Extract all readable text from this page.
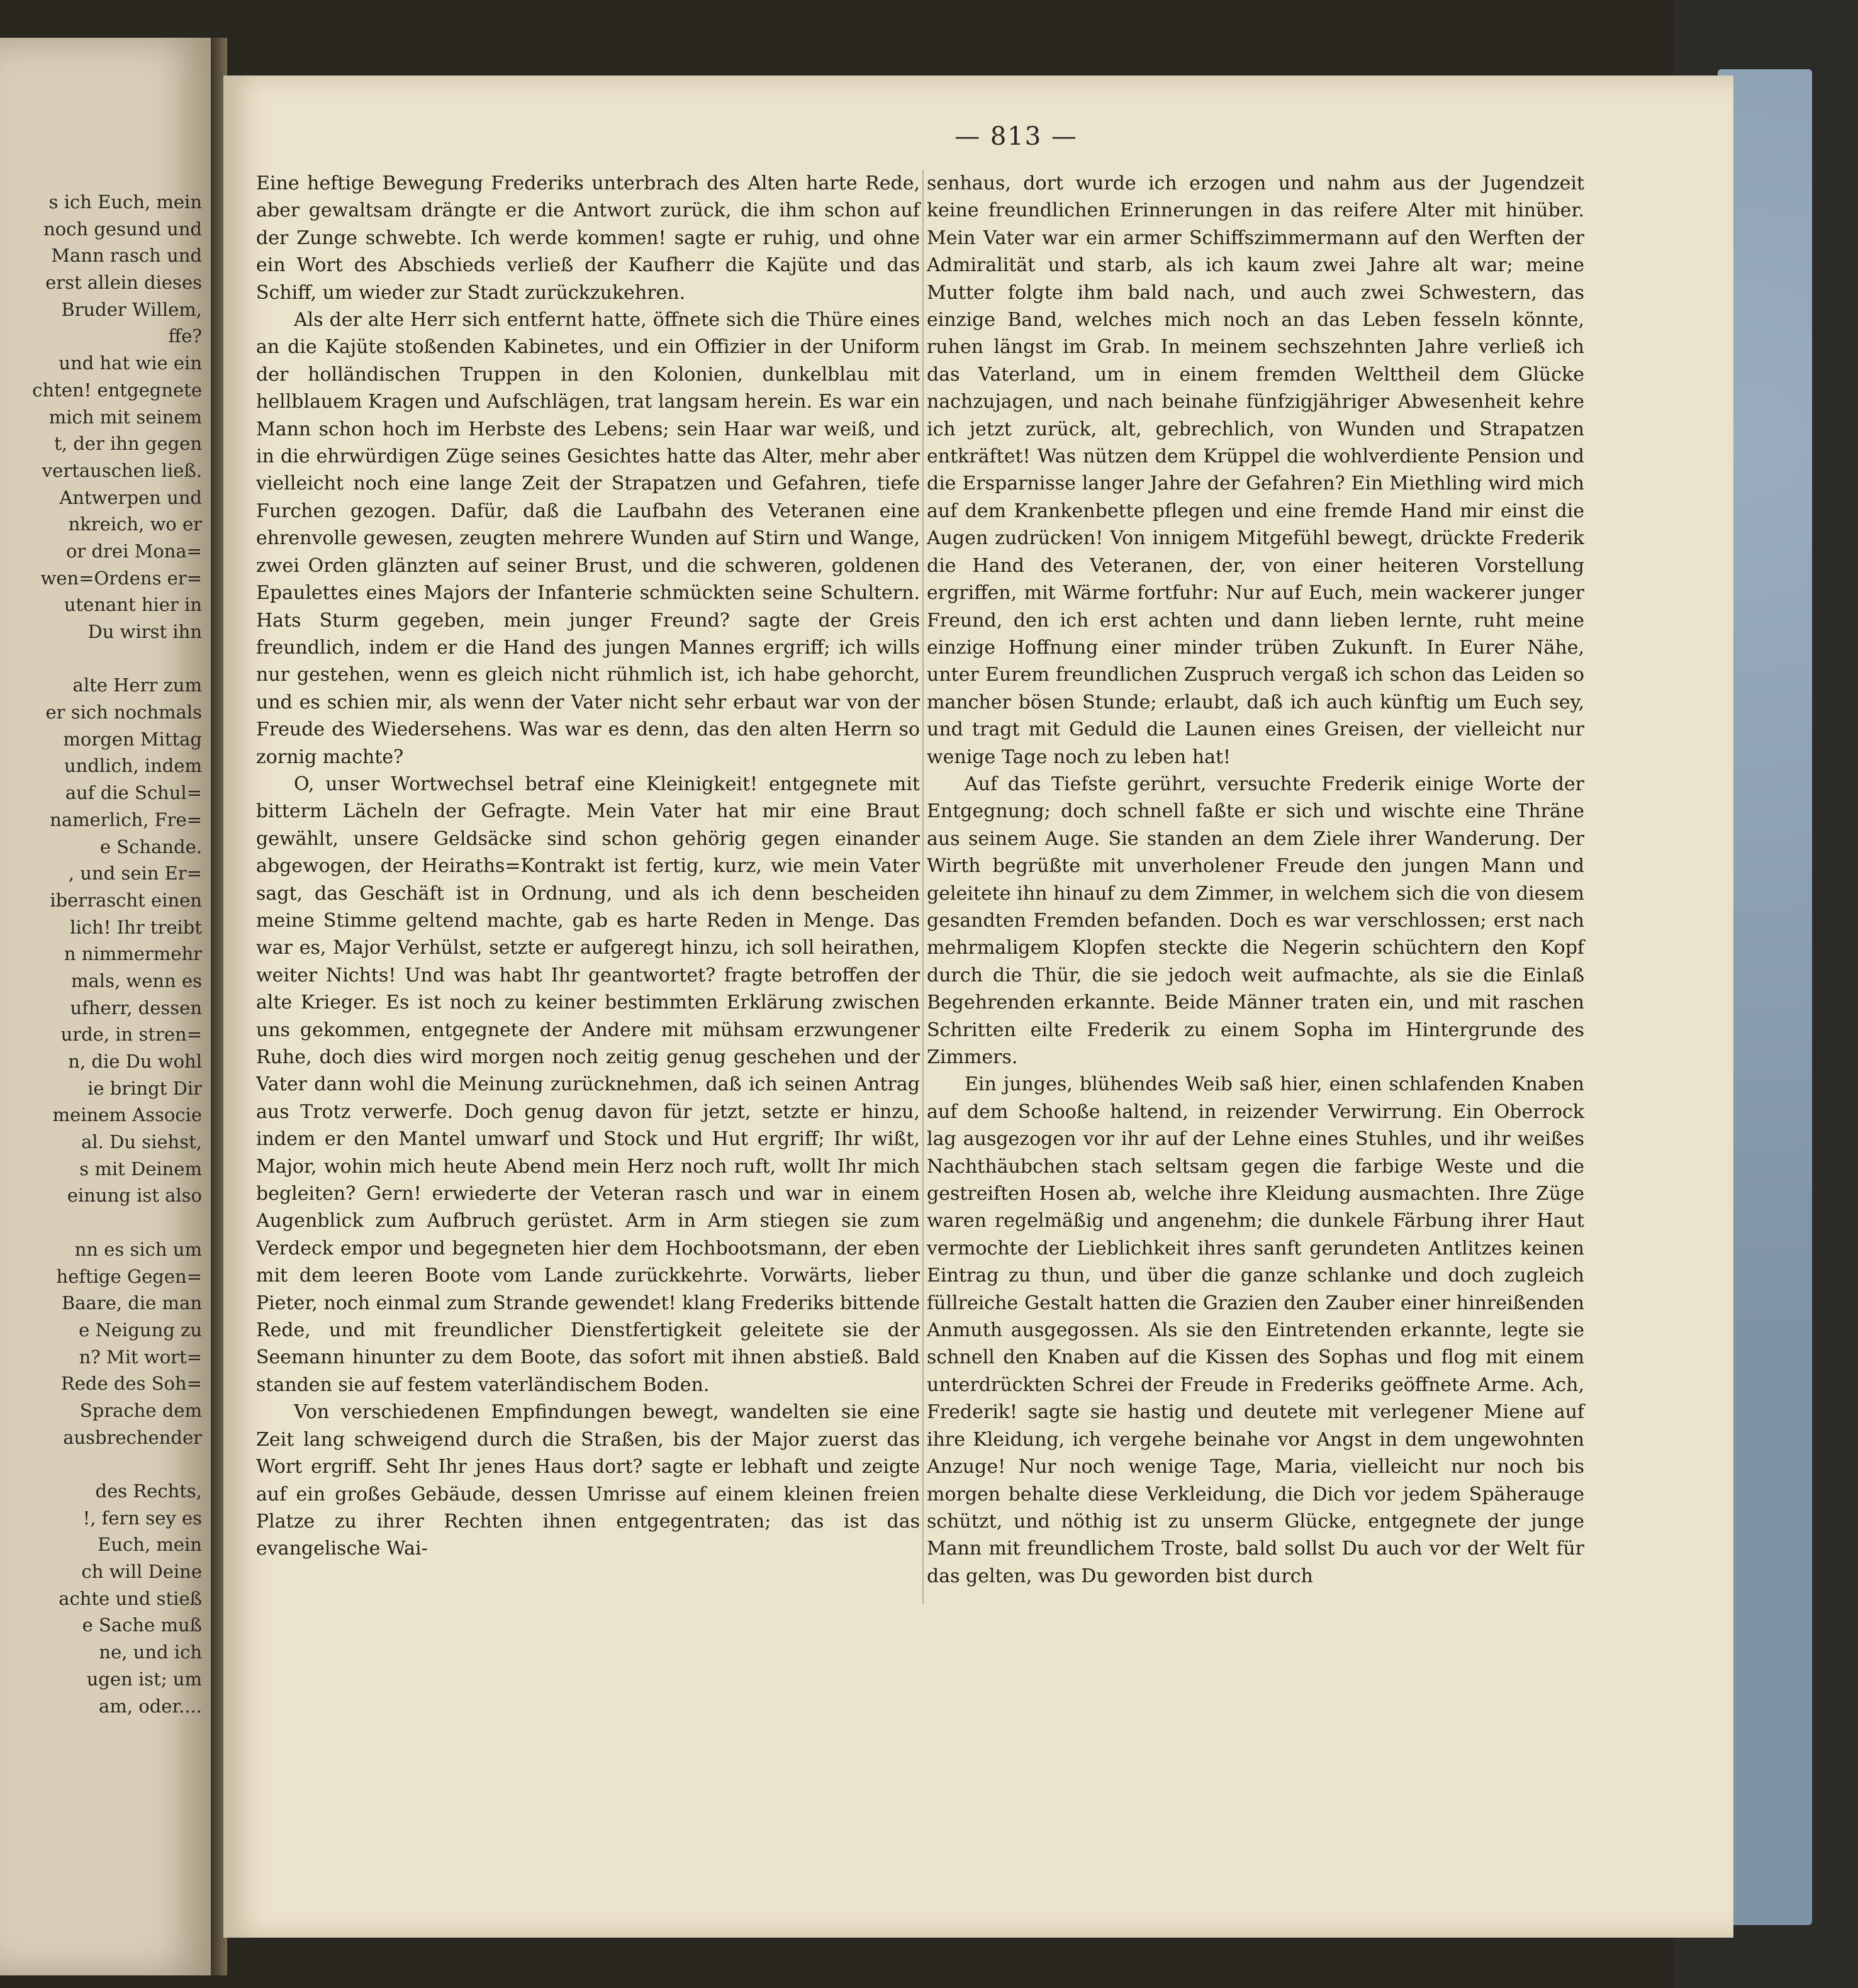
s ich Euch, mein
noch gesund und
Mann rasch und
erst allein dieses
Bruder Willem,
ffe?
und hat wie ein
chten! entgegnete
mich mit seinem
t, der ihn gegen
vertauschen ließ.
Antwerpen und
nkreich, wo er
or drei Mona=
wen=Ordens er=
utenant hier in
Du wirst ihn
alte Herr zum
er sich nochmals
morgen Mittag
undlich, indem
auf die Schul=
namerlich, Fre=
e Schande.
, und sein Er=
iberrascht einen
lich! Ihr treibt
n nimmermehr
mals, wenn es
ufherr, dessen
urde, in stren=
n, die Du wohl
ie bringt Dir
meinem Associe
al. Du siehst,
s mit Deinem
einung ist also
nn es sich um
heftige Gegen=
Baare, die man
e Neigung zu
n? Mit wort=
Rede des Soh=
Sprache dem
ausbrechender
des Rechts,
!, fern sey es
Euch, mein
ch will Deine
achte und stieß
e Sache muß
ne, und ich
ugen ist; um
am, oder....
— 813 —

Eine heftige Bewegung Frederiks unterbrach des Alten harte Rede, aber gewaltsam drängte er die Antwort zurück, die ihm schon auf der Zunge schwebte. Ich werde kommen! sagte er ruhig, und ohne ein Wort des Abschieds verließ der Kaufherr die Kajüte und das Schiff, um wieder zur Stadt zurückzukehren.

Als der alte Herr sich entfernt hatte, öffnete sich die Thüre eines an die Kajüte stoßenden Kabinetes, und ein Offizier in der Uniform der holländischen Truppen in den Kolonien, dunkelblau mit hellblauem Kragen und Aufschlägen, trat langsam herein. Es war ein Mann schon hoch im Herbste des Lebens; sein Haar war weiß, und in die ehrwürdigen Züge seines Gesichtes hatte das Alter, mehr aber vielleicht noch eine lange Zeit der Strapatzen und Gefahren, tiefe Furchen gezogen. Dafür, daß die Laufbahn des Veteranen eine ehrenvolle gewesen, zeugten mehrere Wunden auf Stirn und Wange, zwei Orden glänzten auf seiner Brust, und die schweren, goldenen Epaulettes eines Majors der Infanterie schmückten seine Schultern. Hats Sturm gegeben, mein junger Freund? sagte der Greis freundlich, indem er die Hand des jungen Mannes ergriff; ich wills nur gestehen, wenn es gleich nicht rühmlich ist, ich habe gehorcht, und es schien mir, als wenn der Vater nicht sehr erbaut war von der Freude des Wiedersehens. Was war es denn, das den alten Herrn so zornig machte?

O, unser Wortwechsel betraf eine Kleinigkeit! entgegnete mit bitterm Lächeln der Gefragte. Mein Vater hat mir eine Braut gewählt, unsere Geldsäcke sind schon gehörig gegen einander abgewogen, der Heiraths=Kontrakt ist fertig, kurz, wie mein Vater sagt, das Geschäft ist in Ordnung, und als ich denn bescheiden meine Stimme geltend machte, gab es harte Reden in Menge. Das war es, Major Verhülst, setzte er aufgeregt hinzu, ich soll heirathen, weiter Nichts! Und was habt Ihr geantwortet? fragte betroffen der alte Krieger. Es ist noch zu keiner bestimmten Erklärung zwischen uns gekommen, entgegnete der Andere mit mühsam erzwungener Ruhe, doch dies wird morgen noch zeitig genug geschehen und der Vater dann wohl die Meinung zurücknehmen, daß ich seinen Antrag aus Trotz verwerfe. Doch genug davon für jetzt, setzte er hinzu, indem er den Mantel umwarf und Stock und Hut ergriff; Ihr wißt, Major, wohin mich heute Abend mein Herz noch ruft, wollt Ihr mich begleiten? Gern! erwiederte der Veteran rasch und war in einem Augenblick zum Aufbruch gerüstet. Arm in Arm stiegen sie zum Verdeck empor und begegneten hier dem Hochbootsmann, der eben mit dem leeren Boote vom Lande zurückkehrte. Vorwärts, lieber Pieter, noch einmal zum Strande gewendet! klang Frederiks bittende Rede, und mit freundlicher Dienstfertigkeit geleitete sie der Seemann hinunter zu dem Boote, das sofort mit ihnen abstieß. Bald standen sie auf festem vaterländischem Boden.

Von verschiedenen Empfindungen bewegt, wandelten sie eine Zeit lang schweigend durch die Straßen, bis der Major zuerst das Wort ergriff. Seht Ihr jenes Haus dort? sagte er lebhaft und zeigte auf ein großes Gebäude, dessen Umrisse auf einem kleinen freien Platze zu ihrer Rechten ihnen entgegentraten; das ist das evangelische Wai-

senhaus, dort wurde ich erzogen und nahm aus der Jugendzeit keine freundlichen Erinnerungen in das reifere Alter mit hinüber. Mein Vater war ein armer Schiffszimmermann auf den Werften der Admiralität und starb, als ich kaum zwei Jahre alt war; meine Mutter folgte ihm bald nach, und auch zwei Schwestern, das einzige Band, welches mich noch an das Leben fesseln könnte, ruhen längst im Grab. In meinem sechszehnten Jahre verließ ich das Vaterland, um in einem fremden Welttheil dem Glücke nachzujagen, und nach beinahe fünfzigjähriger Abwesenheit kehre ich jetzt zurück, alt, gebrechlich, von Wunden und Strapatzen entkräftet! Was nützen dem Krüppel die wohlverdiente Pension und die Ersparnisse langer Jahre der Gefahren? Ein Miethling wird mich auf dem Krankenbette pflegen und eine fremde Hand mir einst die Augen zudrücken! Von innigem Mitgefühl bewegt, drückte Frederik die Hand des Veteranen, der, von einer heiteren Vorstellung ergriffen, mit Wärme fortfuhr: Nur auf Euch, mein wackerer junger Freund, den ich erst achten und dann lieben lernte, ruht meine einzige Hoffnung einer minder trüben Zukunft. In Eurer Nähe, unter Eurem freundlichen Zuspruch vergaß ich schon das Leiden so mancher bösen Stunde; erlaubt, daß ich auch künftig um Euch sey, und tragt mit Geduld die Launen eines Greisen, der vielleicht nur wenige Tage noch zu leben hat!

Auf das Tiefste gerührt, versuchte Frederik einige Worte der Entgegnung; doch schnell faßte er sich und wischte eine Thräne aus seinem Auge. Sie standen an dem Ziele ihrer Wanderung. Der Wirth begrüßte mit unverholener Freude den jungen Mann und geleitete ihn hinauf zu dem Zimmer, in welchem sich die von diesem gesandten Fremden befanden. Doch es war verschlossen; erst nach mehrmaligem Klopfen steckte die Negerin schüchtern den Kopf durch die Thür, die sie jedoch weit aufmachte, als sie die Einlaß Begehrenden erkannte. Beide Männer traten ein, und mit raschen Schritten eilte Frederik zu einem Sopha im Hintergrunde des Zimmers.

Ein junges, blühendes Weib saß hier, einen schlafenden Knaben auf dem Schooße haltend, in reizender Verwirrung. Ein Oberrock lag ausgezogen vor ihr auf der Lehne eines Stuhles, und ihr weißes Nachthäubchen stach seltsam gegen die farbige Weste und die gestreiften Hosen ab, welche ihre Kleidung ausmachten. Ihre Züge waren regelmäßig und angenehm; die dunkele Färbung ihrer Haut vermochte der Lieblichkeit ihres sanft gerundeten Antlitzes keinen Eintrag zu thun, und über die ganze schlanke und doch zugleich füllreiche Gestalt hatten die Grazien den Zauber einer hinreißenden Anmuth ausgegossen. Als sie den Eintretenden erkannte, legte sie schnell den Knaben auf die Kissen des Sophas und flog mit einem unterdrückten Schrei der Freude in Frederiks geöffnete Arme. Ach, Frederik! sagte sie hastig und deutete mit verlegener Miene auf ihre Kleidung, ich vergehe beinahe vor Angst in dem ungewohnten Anzuge! Nur noch wenige Tage, Maria, vielleicht nur noch bis morgen behalte diese Verkleidung, die Dich vor jedem Späherauge schützt, und nöthig ist zu unserm Glücke, entgegnete der junge Mann mit freundlichem Troste, bald sollst Du auch vor der Welt für das gelten, was Du geworden bist durch
